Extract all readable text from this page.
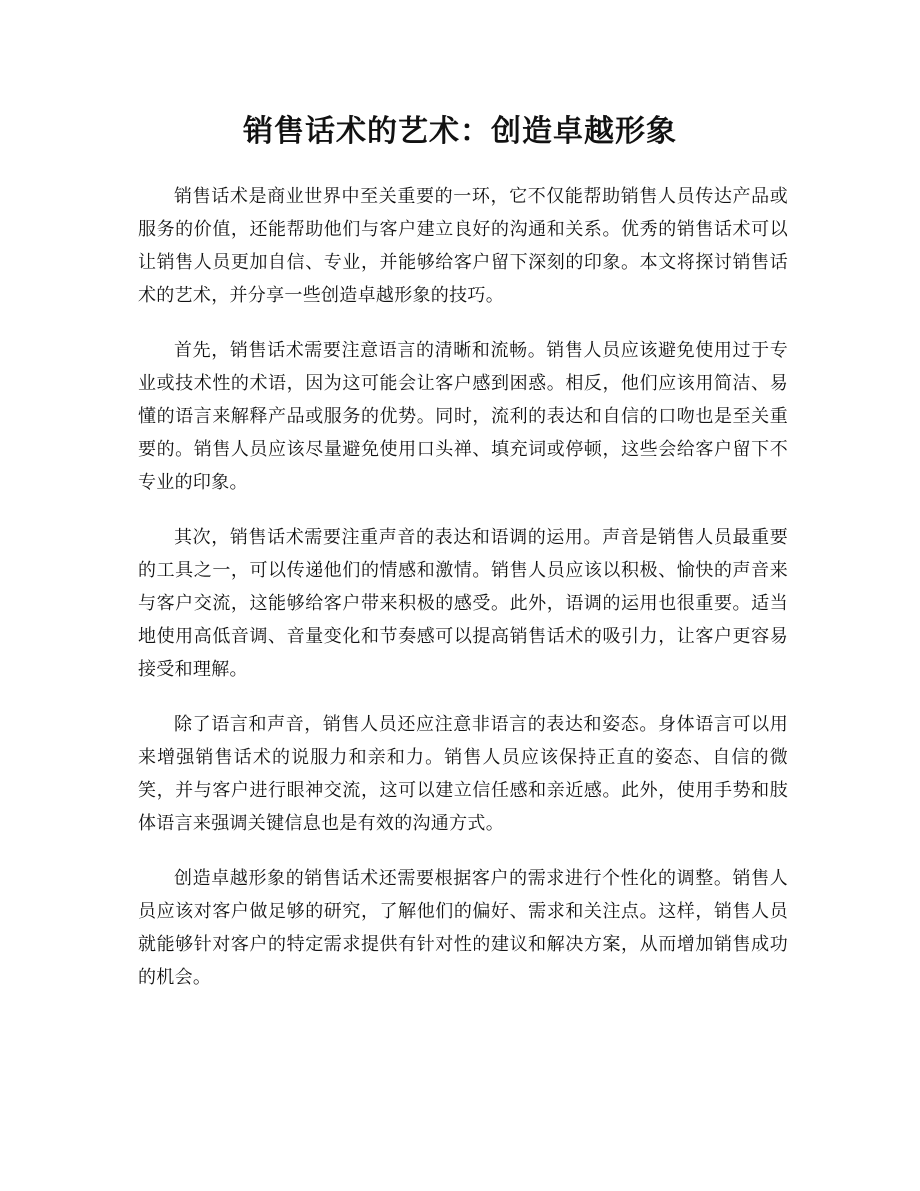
销售话术的艺术：创造卓越形象

销售话术是商业世界中至关重要的一环，它不仅能帮助销售人员传达产品或服务的价值，还能帮助他们与客户建立良好的沟通和关系。优秀的销售话术可以让销售人员更加自信、专业，并能够给客户留下深刻的印象。本文将探讨销售话术的艺术，并分享一些创造卓越形象的技巧。

首先，销售话术需要注意语言的清晰和流畅。销售人员应该避免使用过于专业或技术性的术语，因为这可能会让客户感到困惑。相反，他们应该用简洁、易懂的语言来解释产品或服务的优势。同时，流利的表达和自信的口吻也是至关重要的。销售人员应该尽量避免使用口头禅、填充词或停顿，这些会给客户留下不专业的印象。

其次，销售话术需要注重声音的表达和语调的运用。声音是销售人员最重要的工具之一，可以传递他们的情感和激情。销售人员应该以积极、愉快的声音来与客户交流，这能够给客户带来积极的感受。此外，语调的运用也很重要。适当地使用高低音调、音量变化和节奏感可以提高销售话术的吸引力，让客户更容易接受和理解。

除了语言和声音，销售人员还应注意非语言的表达和姿态。身体语言可以用来增强销售话术的说服力和亲和力。销售人员应该保持正直的姿态、自信的微笑，并与客户进行眼神交流，这可以建立信任感和亲近感。此外，使用手势和肢体语言来强调关键信息也是有效的沟通方式。

创造卓越形象的销售话术还需要根据客户的需求进行个性化的调整。销售人员应该对客户做足够的研究，了解他们的偏好、需求和关注点。这样，销售人员就能够针对客户的特定需求提供有针对性的建议和解决方案，从而增加销售成功的机会。
